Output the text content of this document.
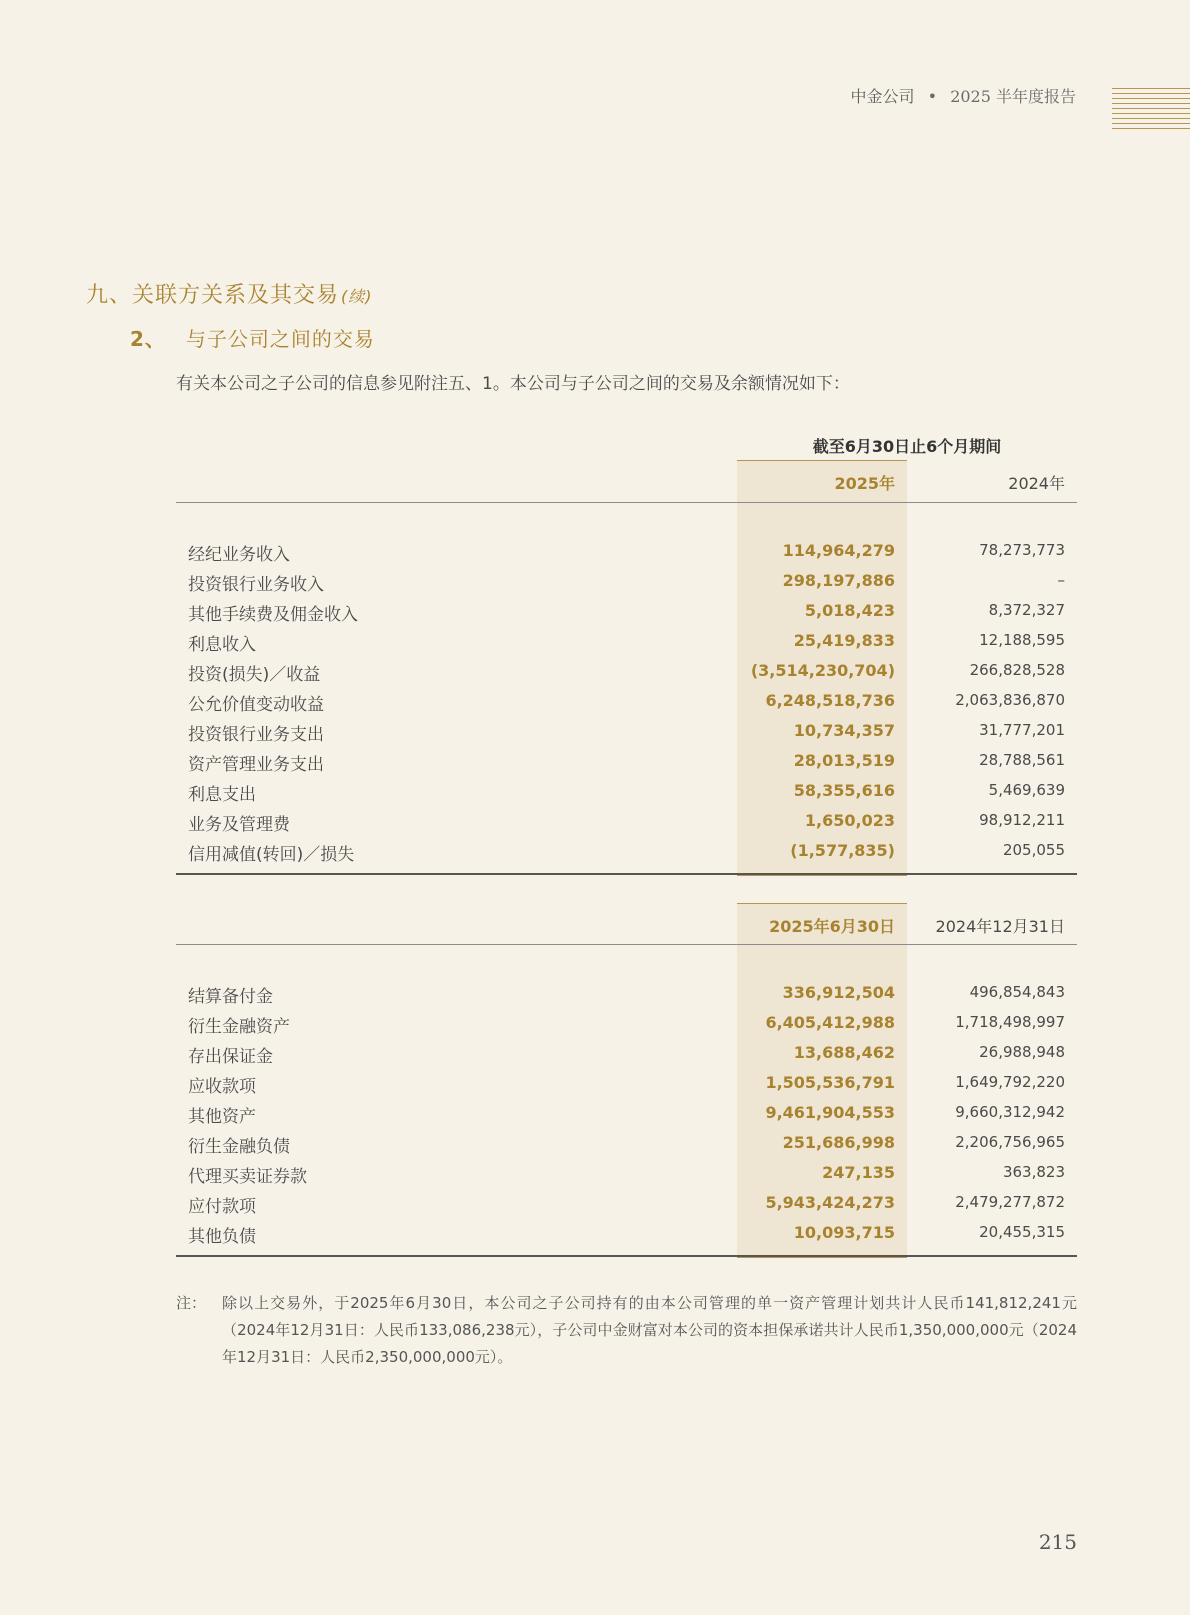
中金公司 • 2025 半年度报告
九、关联方关系及其交易 (续)
2、 与子公司之间的交易
有关本公司之子公司的信息参见附注五、1。本公司与子公司之间的交易及余额情况如下：
截至6月30日止6个月期间
2025年	2024年
经纪业务收入	114,964,279	78,273,773
投资银行业务收入	298,197,886	–
其他手续费及佣金收入	5,018,423	8,372,327
利息收入	25,419,833	12,188,595
投资(损失)／收益	(3,514,230,704)	266,828,528
公允价值变动收益	6,248,518,736	2,063,836,870
投资银行业务支出	10,734,357	31,777,201
资产管理业务支出	28,013,519	28,788,561
利息支出	58,355,616	5,469,639
业务及管理费	1,650,023	98,912,211
信用减值(转回)／损失	(1,577,835)	205,055
2025年6月30日	2024年12月31日
结算备付金	336,912,504	496,854,843
衍生金融资产	6,405,412,988	1,718,498,997
存出保证金	13,688,462	26,988,948
应收款项	1,505,536,791	1,649,792,220
其他资产	9,461,904,553	9,660,312,942
衍生金融负债	251,686,998	2,206,756,965
代理买卖证券款	247,135	363,823
应付款项	5,943,424,273	2,479,277,872
其他负债	10,093,715	20,455,315
注： 除以上交易外，于2025年6月30日，本公司之子公司持有的由本公司管理的单一资产管理计划共计人民币141,812,241元（2024年12月31日：人民币133,086,238元），子公司中金财富对本公司的资本担保承诺共计人民币1,350,000,000元（2024年12月31日：人民币2,350,000,000元）。
215
